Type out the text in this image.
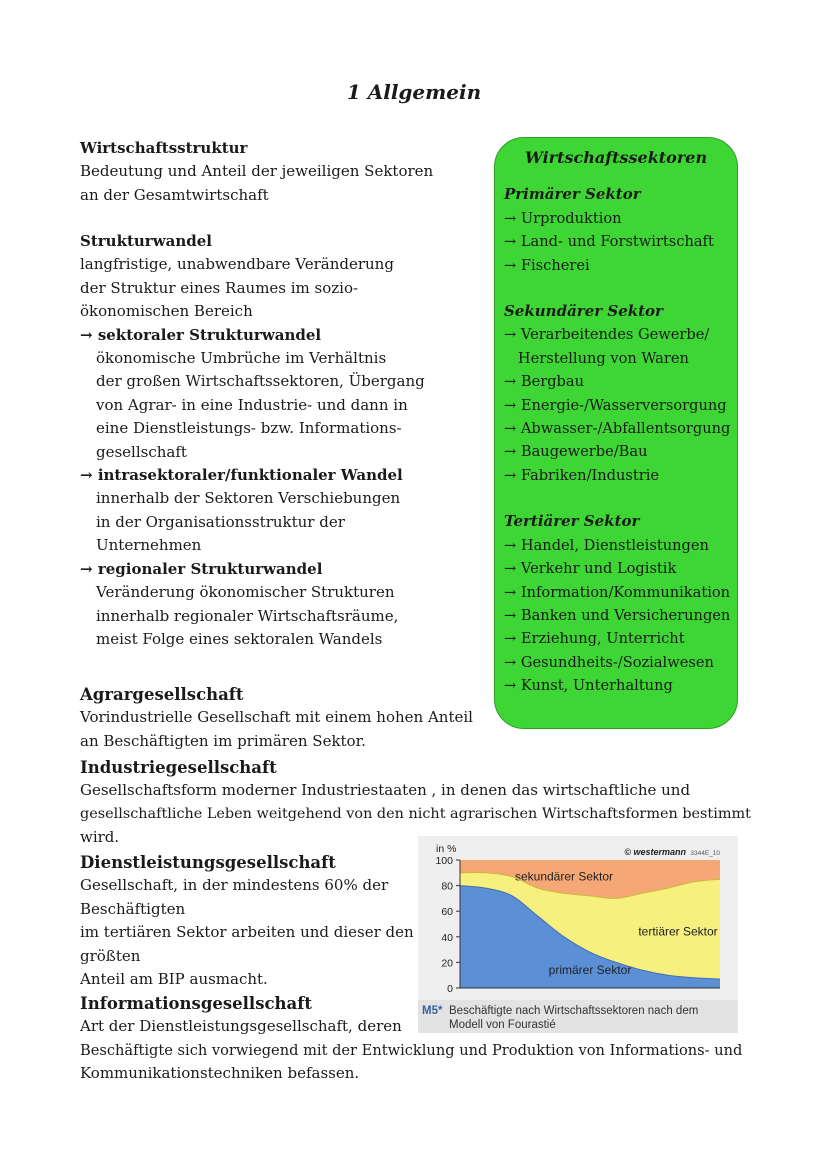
1 Allgemein
Wirtschaftsstruktur
Bedeutung und Anteil der jeweiligen Sektoren
an der Gesamtwirtschaft
Strukturwandel
langfristige, unabwendbare Veränderung
der Struktur eines Raumes im sozio-
ökonomischen Bereich
→ sektoraler Strukturwandel
ökonomische Umbrüche im Verhältnis
der großen Wirtschaftssektoren, Übergang
von Agrar- in eine Industrie- und dann in
eine Dienstleistungs- bzw. Informations-
gesellschaft
→ intrasektoraler/funktionaler Wandel
innerhalb der Sektoren Verschiebungen
in der Organisationsstruktur der
Unternehmen
→ regionaler Strukturwandel
Veränderung ökonomischer Strukturen
innerhalb regionaler Wirtschaftsräume,
meist Folge eines sektoralen Wandels
Wirtschaftssektoren
Primärer Sektor
→ Urproduktion
→ Land- und Forstwirtschaft
→ Fischerei
Sekundärer Sektor
→ Verarbeitendes Gewerbe/
Herstellung von Waren
→ Bergbau
→ Energie-/Wasserversorgung
→ Abwasser-/Abfallentsorgung
→ Baugewerbe/Bau
→ Fabriken/Industrie
Tertiärer Sektor
→ Handel, Dienstleistungen
→ Verkehr und Logistik
→ Information/Kommunikation
→ Banken und Versicherungen
→ Erziehung, Unterricht
→ Gesundheits-/Sozialwesen
→ Kunst, Unterhaltung
Agrargesellschaft
Vorindustrielle Gesellschaft mit einem hohen Anteil
an Beschäftigten im primären Sektor.
Industriegesellschaft
Gesellschaftsform moderner Industriestaaten , in denen das wirtschaftliche und
gesellschaftliche Leben weitgehend von den nicht agrarischen Wirtschaftsformen bestimmt
wird.
Dienstleistungsgesellschaft
Gesellschaft, in der mindestens 60% der
Beschäftigten
im tertiären Sektor arbeiten und dieser den
größten
Anteil am BIP ausmacht.
Informationsgesellschaft
Art der Dienstleistungsgesellschaft, deren
Beschäftigte sich vorwiegend mit der Entwicklung und Produktion von Informations- und
Kommunikationstechniken befassen.
primärer Sektor
tertiärer Sektor
sekundärer Sektor
0
20
40
60
80
100
in %	© westermann 3344E_10
M5* Beschäftigte nach Wirtschaftssektoren nach dem Modell von Fourastié
